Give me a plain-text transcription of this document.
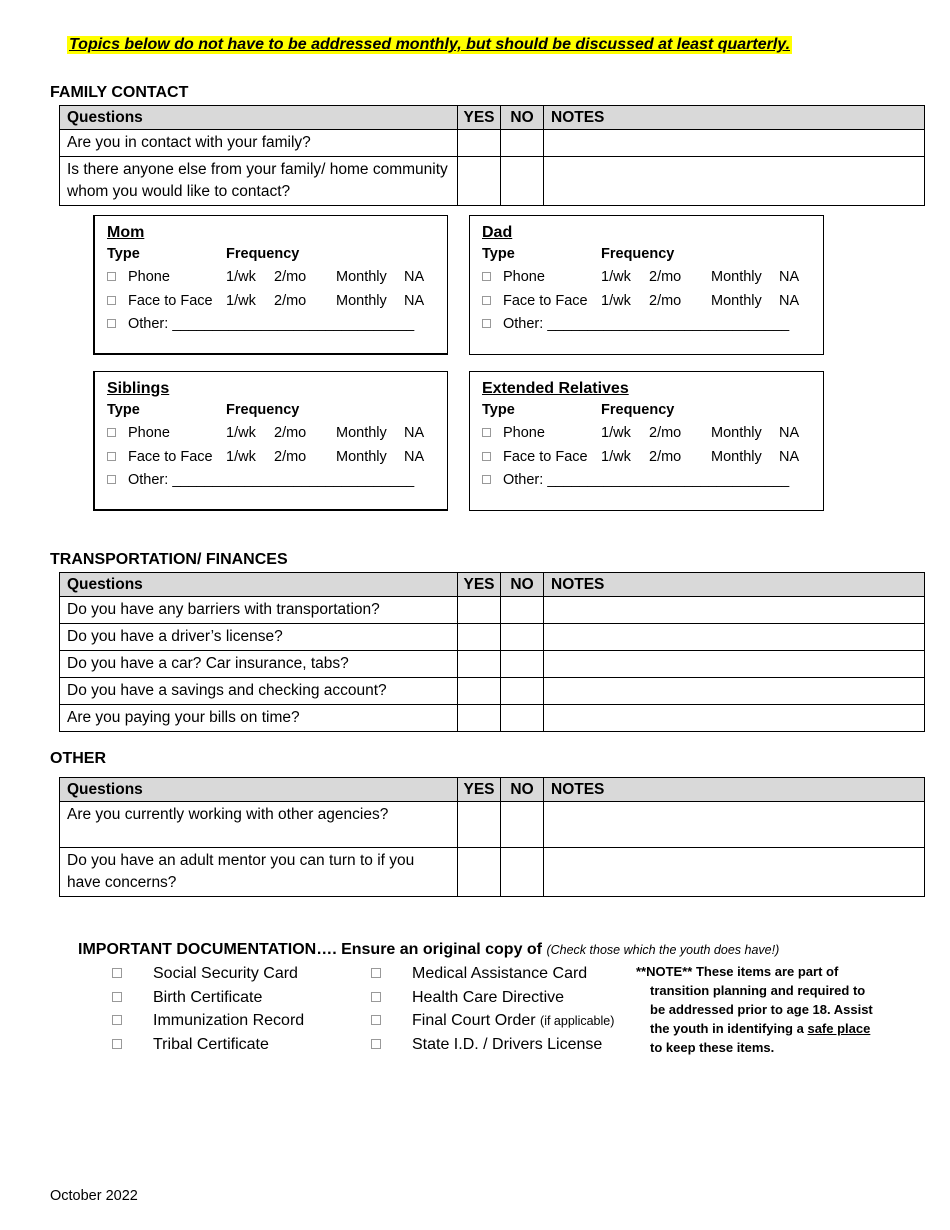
Topics below do not have to be addressed monthly, but should be discussed at least quarterly.
FAMILY CONTACT
Questions	YES	NO	NOTES
Are you in contact with your family?			
Is there anyone else from your family/ home community whom you would like to contact?			
Mom
Type	Frequency
Phone	1/wk 2/mo Monthly NA
Face to Face 1/wk 2/mo Monthly NA
Other: ______________________________
Dad
Type	Frequency
Phone	1/wk 2/mo Monthly NA
Face to Face 1/wk 2/mo Monthly NA
Other: ______________________________
Siblings
Type	Frequency
Phone	1/wk 2/mo Monthly NA
Face to Face 1/wk 2/mo Monthly NA
Other: ______________________________
Extended Relatives
Type	Frequency
Phone	1/wk 2/mo Monthly NA
Face to Face 1/wk 2/mo Monthly NA
Other: ______________________________
TRANSPORTATION/ FINANCES
Questions	YES	NO	NOTES
Do you have any barriers with transportation?			
Do you have a driver’s license?			
Do you have a car? Car insurance, tabs?			
Do you have a savings and checking account?			
Are you paying your bills on time?			
OTHER
Questions	YES	NO	NOTES
Are you currently working with other agencies?			
Do you have an adult mentor you can turn to if you have concerns?			
IMPORTANT DOCUMENTATION…. Ensure an original copy of (Check those which the youth does have!)
Social Security Card
Birth Certificate
Immunization Record
Tribal Certificate
Medical Assistance Card
Health Care Directive
Final Court Order (if applicable)
State I.D. / Drivers License
**NOTE** These items are part of
transition planning and required to
be addressed prior to age 18. Assist
the youth in identifying a safe place
to keep these items.
October 2022
